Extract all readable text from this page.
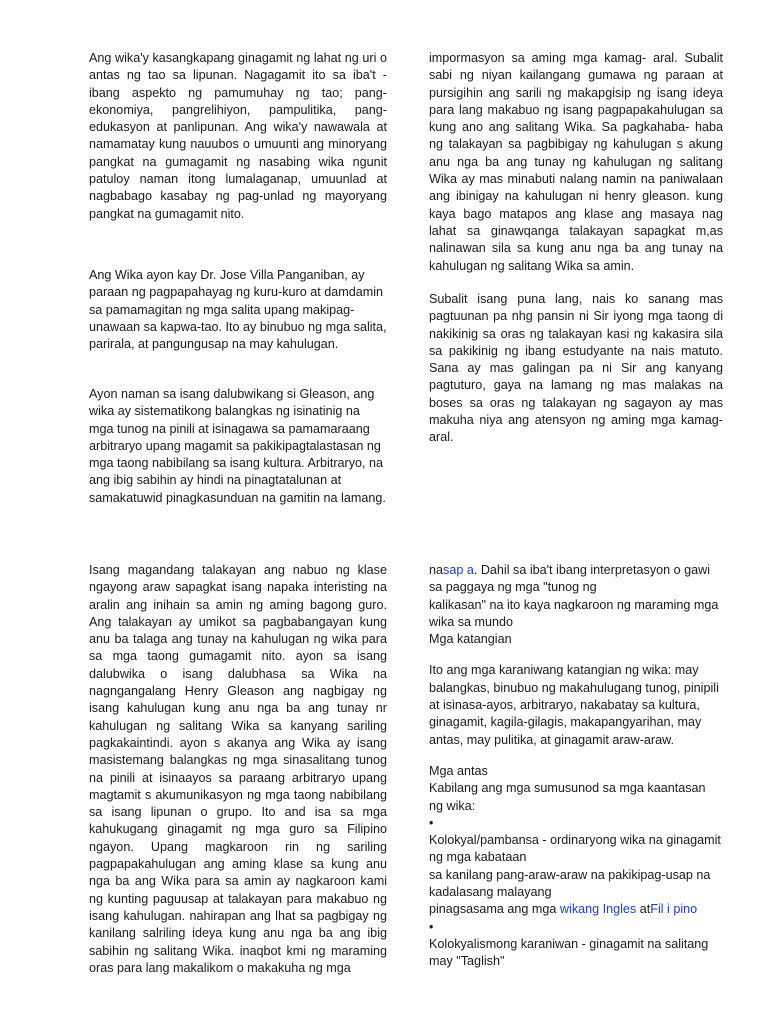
Ang wika'y kasangkapang ginagamit ng lahat ng uri o antas ng tao sa lipunan. Nagagamit ito sa iba't - ibang aspekto ng pamumuhay ng tao; pang- ekonomiya, pangrelihiyon, pampulitika, pang- edukasyon at panlipunan. Ang wika'y nawawala at namamatay kung nauubos o umuunti ang minoryang pangkat na gumagamit ng nasabing wika ngunit patuloy naman itong lumalaganap, umuunlad at nagbabago kasabay ng pag-unlad ng mayoryang pangkat na gumagamit nito.

Ang Wika ayon kay Dr. Jose Villa Panganiban, ay paraan ng pagpapahayag ng kuru-kuro at damdamin sa pamamagitan ng mga salita upang makipag- unawaan sa kapwa-tao. Ito ay binubuo ng mga salita, parirala, at pangungusap na may kahulugan.

Ayon naman sa isang dalubwikang si Gleason, ang wika ay sistematikong balangkas ng isinatinig na mga tunog na pinili at isinagawa sa pamamaraang arbitraryo upang magamit sa pakikipagtalastasan ng mga taong nabibilang sa isang kultura. Arbitraryo, na ang ibig sabihin ay hindi na pinagtatalunan at samakatuwid pinagkasunduan na gamitin na lamang.

Isang magandang talakayan ang nabuo ng klase ngayong araw sapagkat isang napaka interisting na aralin ang inihain sa amin ng aming bagong guro. Ang talakayan ay umikot sa pagbabangayan kung anu ba talaga ang tunay na kahulugan ng wika para sa mga taong gumagamit nito. ayon sa isang dalubwika o isang dalubhasa sa Wika na nagngangalang Henry Gleason ang nagbigay ng isang kahulugan kung anu nga ba ang tunay nr kahulugan ng salitang Wika sa kanyang sariling pagkakaintindi. ayon s akanya ang Wika ay isang masistemang balangkas ng mga sinasalitang tunog na pinili at isinaayos sa paraang arbitraryo upang magtamit s akumunikasyon ng mga taong nabibilang sa isang lipunan o grupo. Ito and isa sa mga kahukugang ginagamit ng mga guro sa Filipino ngayon. Upang magkaroon rin ng sariling pagpapakahulugan ang aming klase sa kung anu nga ba ang Wika para sa amin ay nagkaroon kami ng kunting paguusap at talakayan para makabuo ng isang kahulugan. nahirapan ang lhat sa pagbigay ng kanilang salriling ideya kung anu nga ba ang ibig sabihin ng salitang Wika. inaqbot kmi ng maraming oras para lang makalikom o makakuha ng mga

impormasyon sa aming mga kamag- aral. Subalit sabi ng niyan kailangang gumawa ng paraan at pursigihin ang sarili ng makapgisip ng isang ideya para lang makabuo ng isang pagpapakahulugan sa kung ano ang salitang Wika. Sa pagkahaba- haba ng talakayan sa pagbibigay ng kahulugan s akung anu nga ba ang tunay ng kahulugan ng salitang Wika ay mas minabuti nalang namin na paniwalaan ang ibinigay na kahulugan ni henry gleason. kung kaya bago matapos ang klase ang masaya nag lahat sa ginawqanga talakayan sapagkat m,as nalinawan sila sa kung anu nga ba ang tunay na kahulugan ng salitang Wika sa amin.

Subalit isang puna lang, nais ko sanang mas pagtuunan pa nhg pansin ni Sir iyong mga taong di nakikinig sa oras ng talakayan kasi ng kakasira sila sa pakikinig ng ibang estudyante na nais matuto. Sana ay mas galingan pa ni Sir ang kanyang pagtuturo, gaya na lamang ng mas malakas na boses sa oras ng talakayan ng sagayon ay mas makuha niya ang atensyon ng aming mga kamag- aral.

nasap a. Dahil sa iba't ibang interpretasyon o gawi sa paggaya ng mga "tunog ng

kalikasan" na ito kaya nagkaroon ng maraming mga wika sa mundo

Mga katangian

Ito ang mga karaniwang katangian ng wika: may balangkas, binubuo ng makahulugang tunog, pinipili at isinasa-ayos, arbitraryo, nakabatay sa kultura, ginagamit, kagila-gilagis, makapangyarihan, may antas, may pulitika, at ginagamit araw-araw.

Mga antas

Kabilang ang mga sumusunod sa mga kaantasan ng wika:

•

Kolokyal/pambansa - ordinaryong wika na ginagamit ng mga kabataan

sa kanilang pang-araw-araw na pakikipag-usap na kadalasang malayang

pinagsasama ang mga wikang Ingles atFil i pino

•

Kolokyalismong karaniwan - ginagamit na salitang may "Taglish"
